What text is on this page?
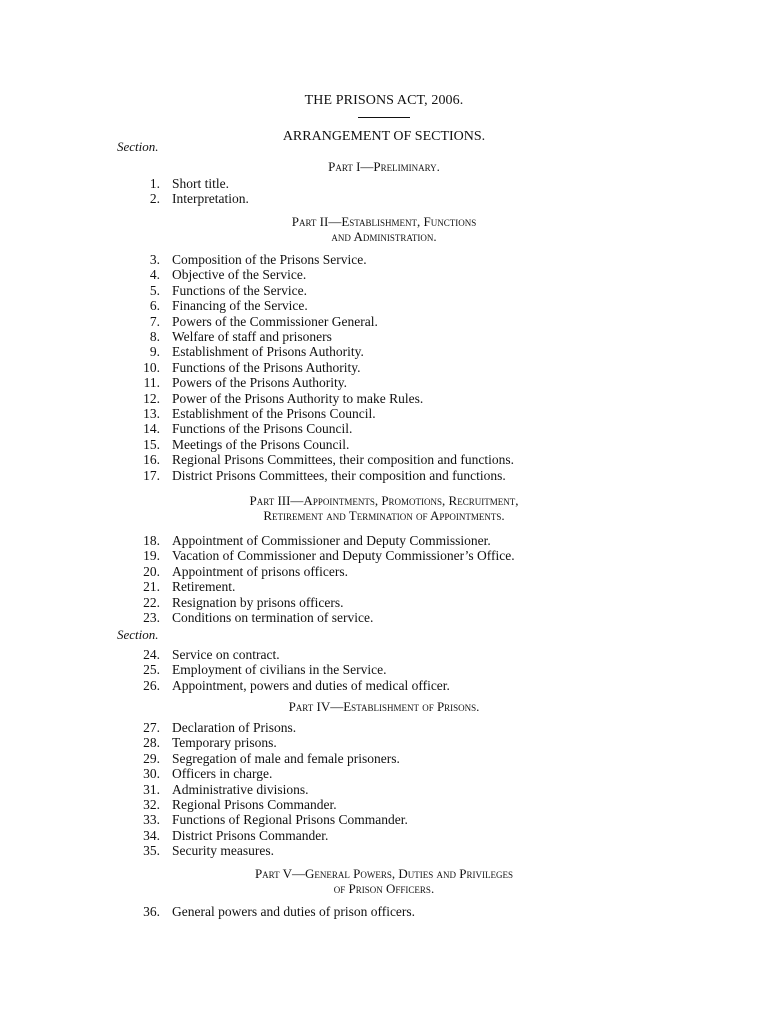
THE PRISONS ACT, 2006.
ARRANGEMENT OF SECTIONS.
Section.
Section.
Part I—Preliminary.
1. Short title.
2. Interpretation.
Part II—Establishment, Functions
and Administration.
3. Composition of the Prisons Service.
4. Objective of the Service.
5. Functions of the Service.
6. Financing of the Service.
7. Powers of the Commissioner General.
8. Welfare of staff and prisoners
9. Establishment of Prisons Authority.
10. Functions of the Prisons Authority.
11. Powers of the Prisons Authority.
12. Power of the Prisons Authority to make Rules.
13. Establishment of the Prisons Council.
14. Functions of the Prisons Council.
15. Meetings of the Prisons Council.
16. Regional Prisons Committees, their composition and functions.
17. District Prisons Committees, their composition and functions.
Part III—Appointments, Promotions, Recruitment,
Retirement and Termination of Appointments.
18. Appointment of Commissioner and Deputy Commissioner.
19. Vacation of Commissioner and Deputy Commissioner’s Office.
20. Appointment of prisons officers.
21. Retirement.
22. Resignation by prisons officers.
23. Conditions on termination of service.
24. Service on contract.
25. Employment of civilians in the Service.
26. Appointment, powers and duties of medical officer.
Part IV—Establishment of Prisons.
27. Declaration of Prisons.
28. Temporary prisons.
29. Segregation of male and female prisoners.
30. Officers in charge.
31. Administrative divisions.
32. Regional Prisons Commander.
33. Functions of Regional Prisons Commander.
34. District Prisons Commander.
35. Security measures.
Part V—General Powers, Duties and Privileges
of Prison Officers.
36. General powers and duties of prison officers.
